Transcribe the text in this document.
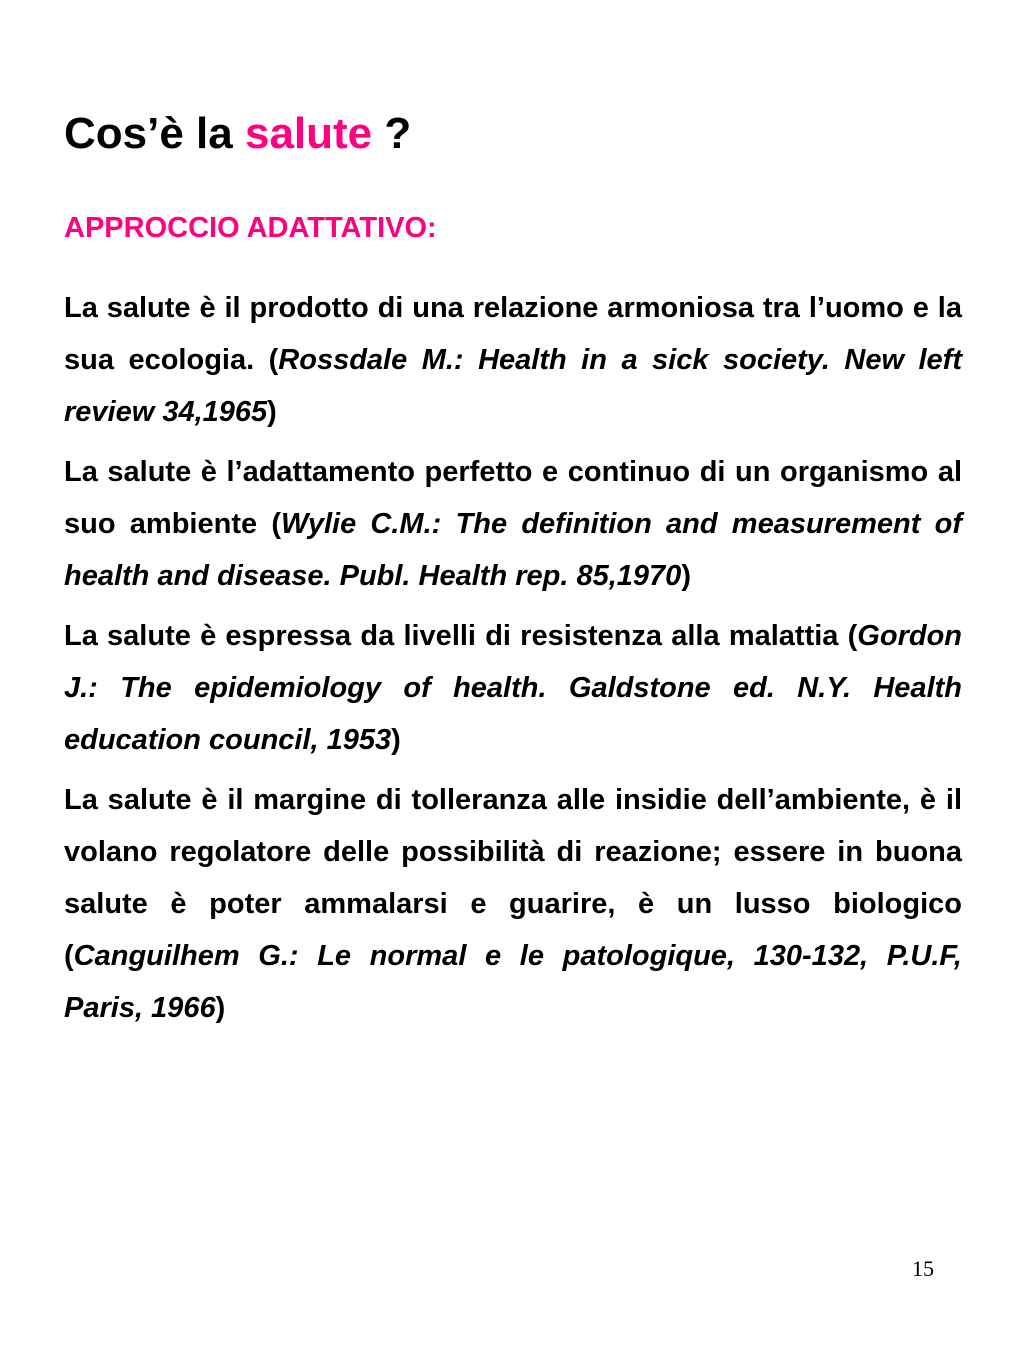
Cos’è la salute ?
APPROCCIO ADATTATIVO:

La salute è il prodotto di una relazione armoniosa tra l’uomo e la sua ecologia. (Rossdale M.: Health in a sick society. New left review 34,1965)

La salute è l’adattamento perfetto e continuo di un organismo al suo ambiente (Wylie C.M.: The definition and measurement of health and disease. Publ. Health rep. 85,1970)

La salute è espressa da livelli di resistenza alla malattia (Gordon J.: The epidemiology of health. Galdstone ed. N.Y. Health education council, 1953)

La salute è il margine di tolleranza alle insidie dell’ambiente, è il volano regolatore delle possibilità di reazione; essere in buona salute è poter ammalarsi e guarire, è un lusso biologico (Canguilhem G.: Le normal e le patologique, 130-132, P.U.F, Paris, 1966)

15
